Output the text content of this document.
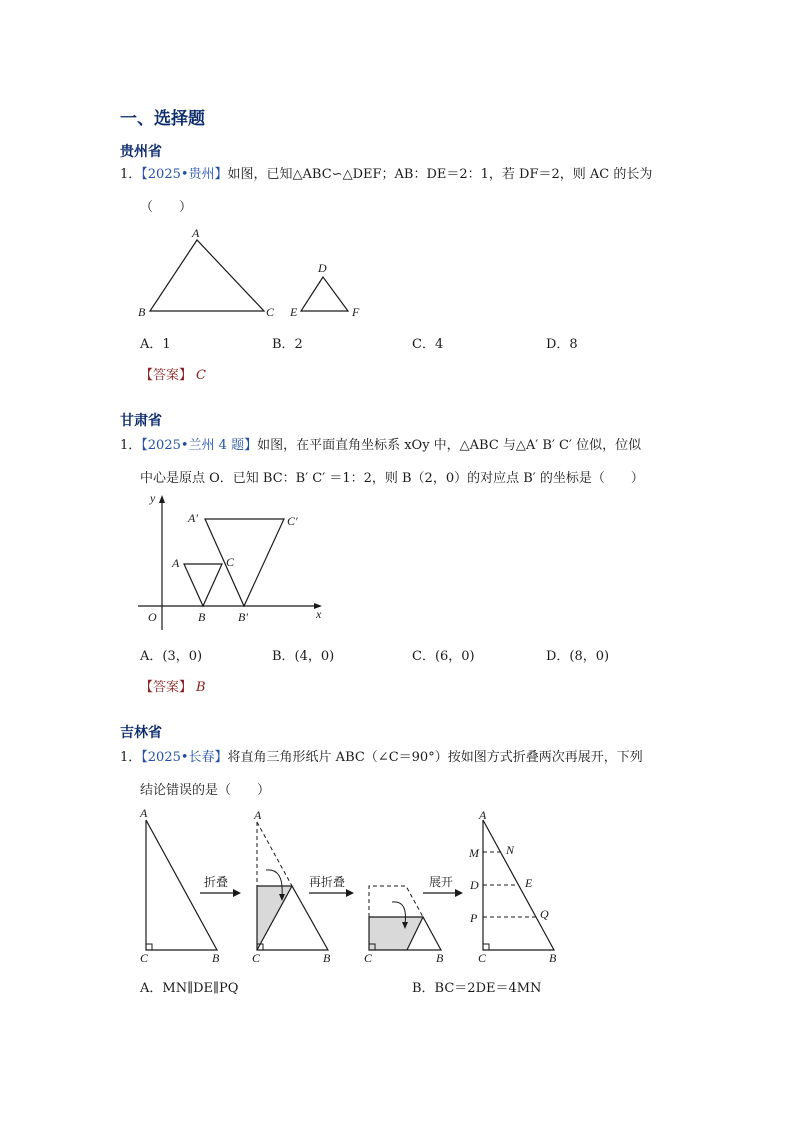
一、选择题
贵州省
1．【2025•贵州】如图，已知△ABC∽△DEF；AB：DE＝2：1，若 DF＝2，则 AC 的长为
（　　）
A
B	C
D
E	F
A．1	B．2	C．4	D．8
【答案】 C
甘肃省
1．【2025•兰州 4 题】如图，在平面直角坐标系 xOy 中，△ABC 与△A′ B′ C′ 位似，位似
中心是原点 O．已知 BC：B′ C′ ＝1：2，则 B（2，0）的对应点 B′ 的坐标是（　　）
y
x
O
A′	C′
A	C
B	B′
A．(3，0)	B．(4，0)	C．(6，0)	D．(8，0)
【答案】 B
吉林省
1．【2025•长春】将直角三角形纸片 ABC（∠C＝90°）按如图方式折叠两次再展开，下列
结论错误的是（　　）
A
C	B
折叠
A
C	B
再折叠
C	B
展开
A
M N
D	E
P	Q
C	B
A．MN∥DE∥PQ	B．BC＝2DE＝4MN
